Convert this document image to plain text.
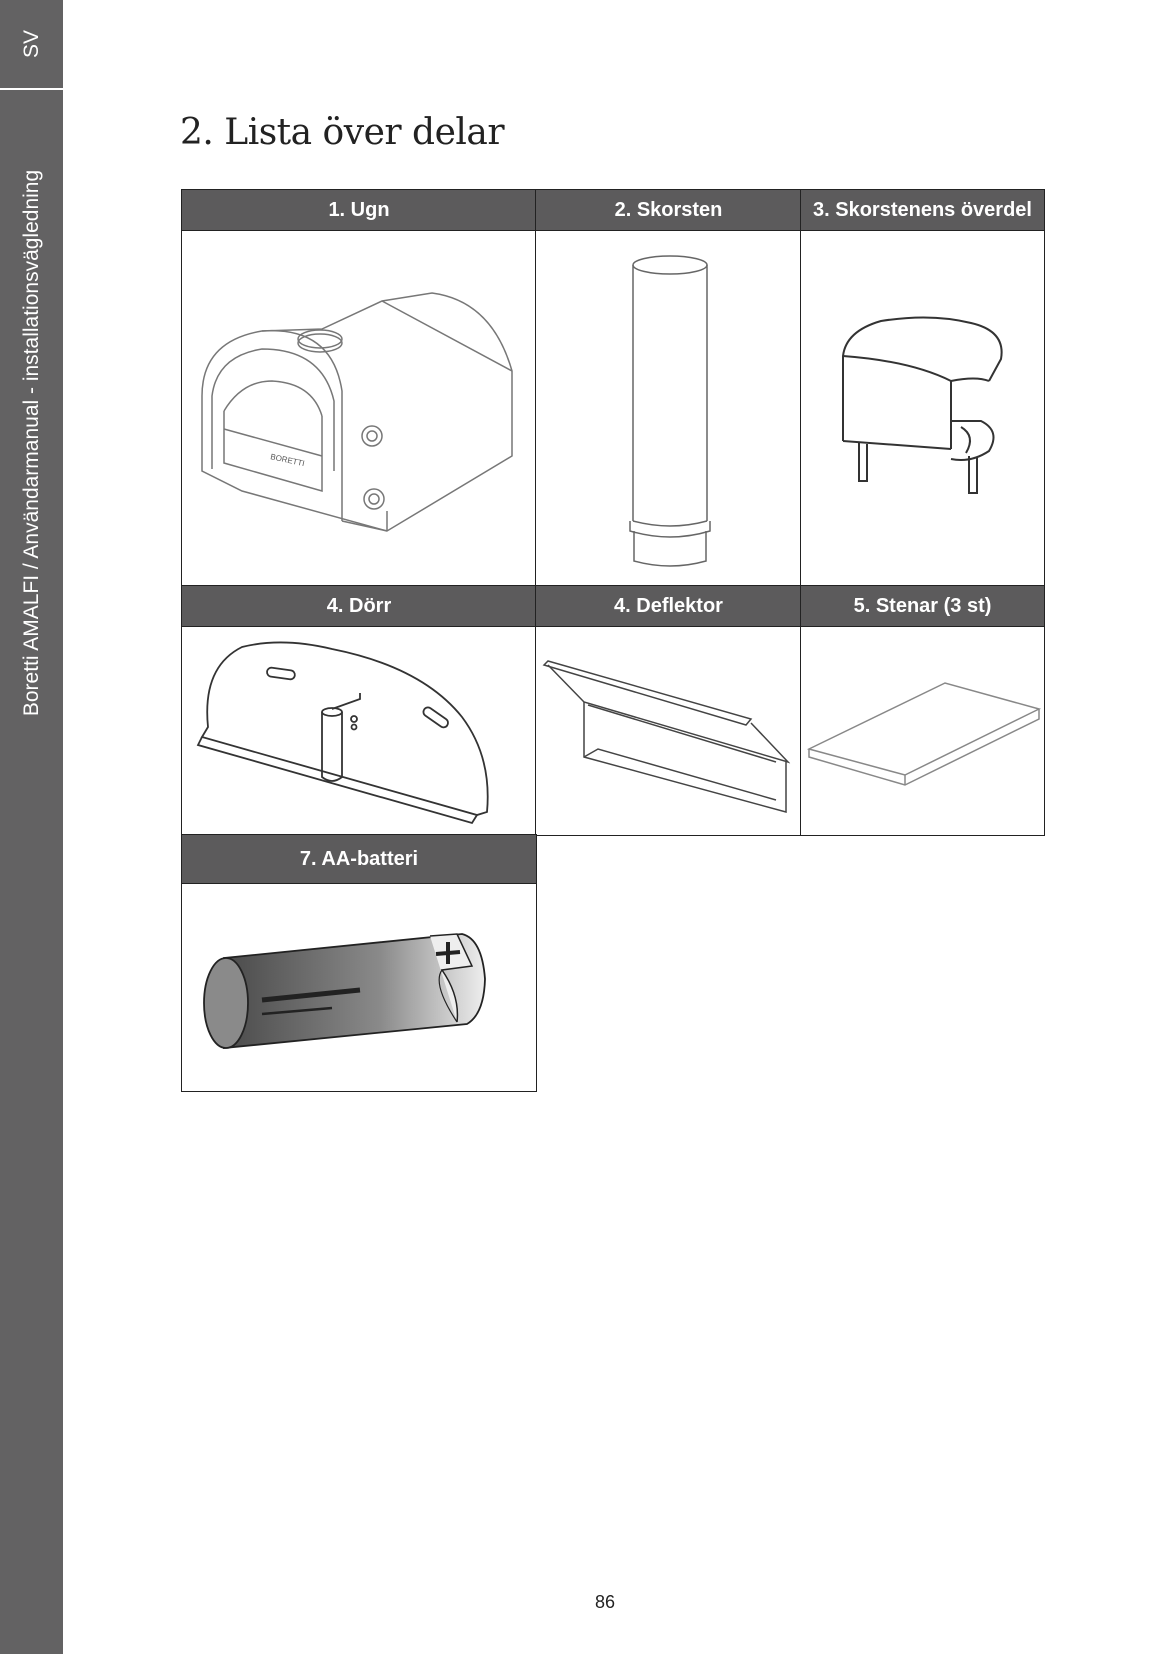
SV
Boretti AMALFI / Användarmanual - installationsvägledning
2. Lista över delar
1. Ugn	2. Skorsten	3. Skorstenens överdel
BORETTI
4. Dörr	4. Deflektor	5. Stenar (3 st)
7. AA-batteri
86
